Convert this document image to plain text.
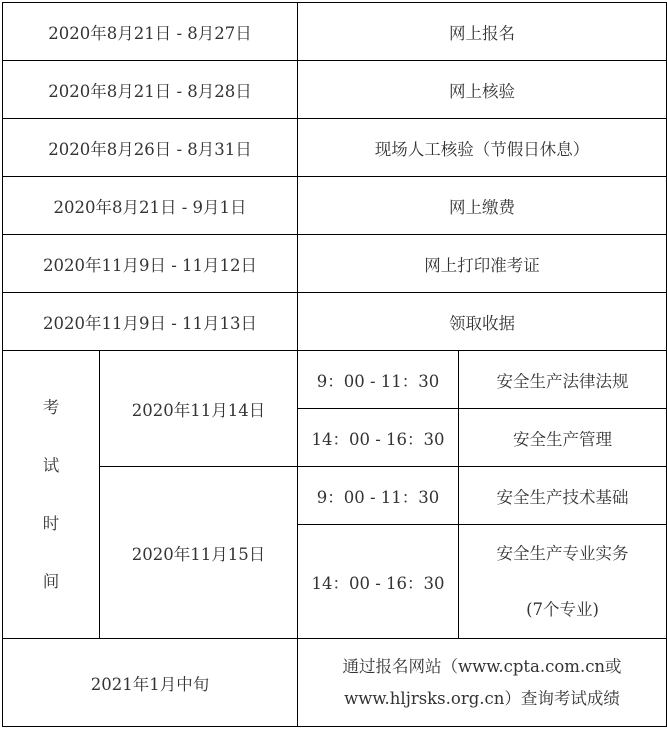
2020年8月21日 - 8月27日		网上报名	
2020年8月21日 - 8月28日		网上核验	
2020年8月26日 - 8月31日		现场人工核验（节假日休息）	
2020年8月21日 - 9月1日		网上缴费	
2020年11月9日 - 11月12日		网上打印准考证	
2020年11月9日 - 11月13日		领取收据	

考
试
时
间	2020年11月14日	9：00 - 11：30	安全生产法律法规
		14：00 - 16：30	安全生产管理
	2020年11月15日	9：00 - 11：30	安全生产技术基础
		14：00 - 16：30	安全生产专业实务
(7个专业)

2021年1月中旬		通过报名网站（www.cpta.com.cn或
www.hljrsks.org.cn）查询考试成绩	
